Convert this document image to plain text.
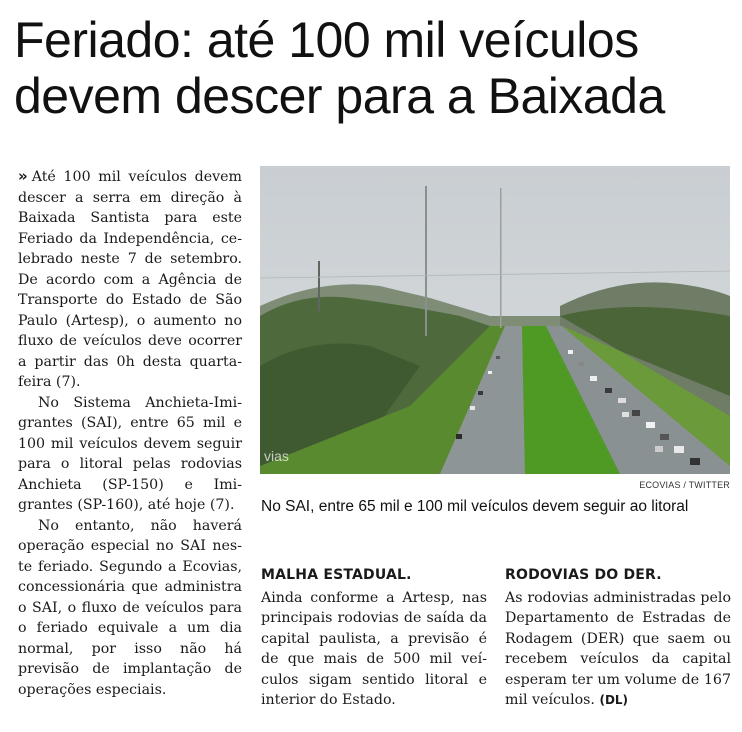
Feriado: até 100 mil veículos
devem descer para a Baixada

» Até 100 mil veículos devem descer a serra em direção à Baixada Santista para este Feriado da Independência, celebrado neste 7 de setembro. De acordo com a Agência de Transporte do Estado de São Paulo (Artesp), o aumento no fluxo de veículos deve ocorrer a partir das 0h desta quarta-feira (7).

No Sistema Anchieta-Imigrantes (SAI), entre 65 mil e 100 mil veículos devem seguir para o litoral pelas rodovias Anchieta (SP-150) e Imigrantes (SP-160), até hoje (7).

No entanto, não haverá operação especial no SAI neste feriado. Segundo a Ecovias, concessionária que administra o SAI, o fluxo de veículos para o feriado equivale a um dia normal, por isso não há previsão de implantação de operações especiais.

vias
ECOVIAS / TWITTER
No SAI, entre 65 mil e 100 mil veículos devem seguir ao litoral
MALHA ESTADUAL.
Ainda conforme a Artesp, nas principais rodovias de saída da capital paulista, a previsão é de que mais de 500 mil veículos sigam sentido litoral e interior do Estado.
RODOVIAS DO DER.
As rodovias administradas pelo Departamento de Estradas de Rodagem (DER) que saem ou recebem veículos da capital esperam ter um volume de 167 mil veículos. (DL)
